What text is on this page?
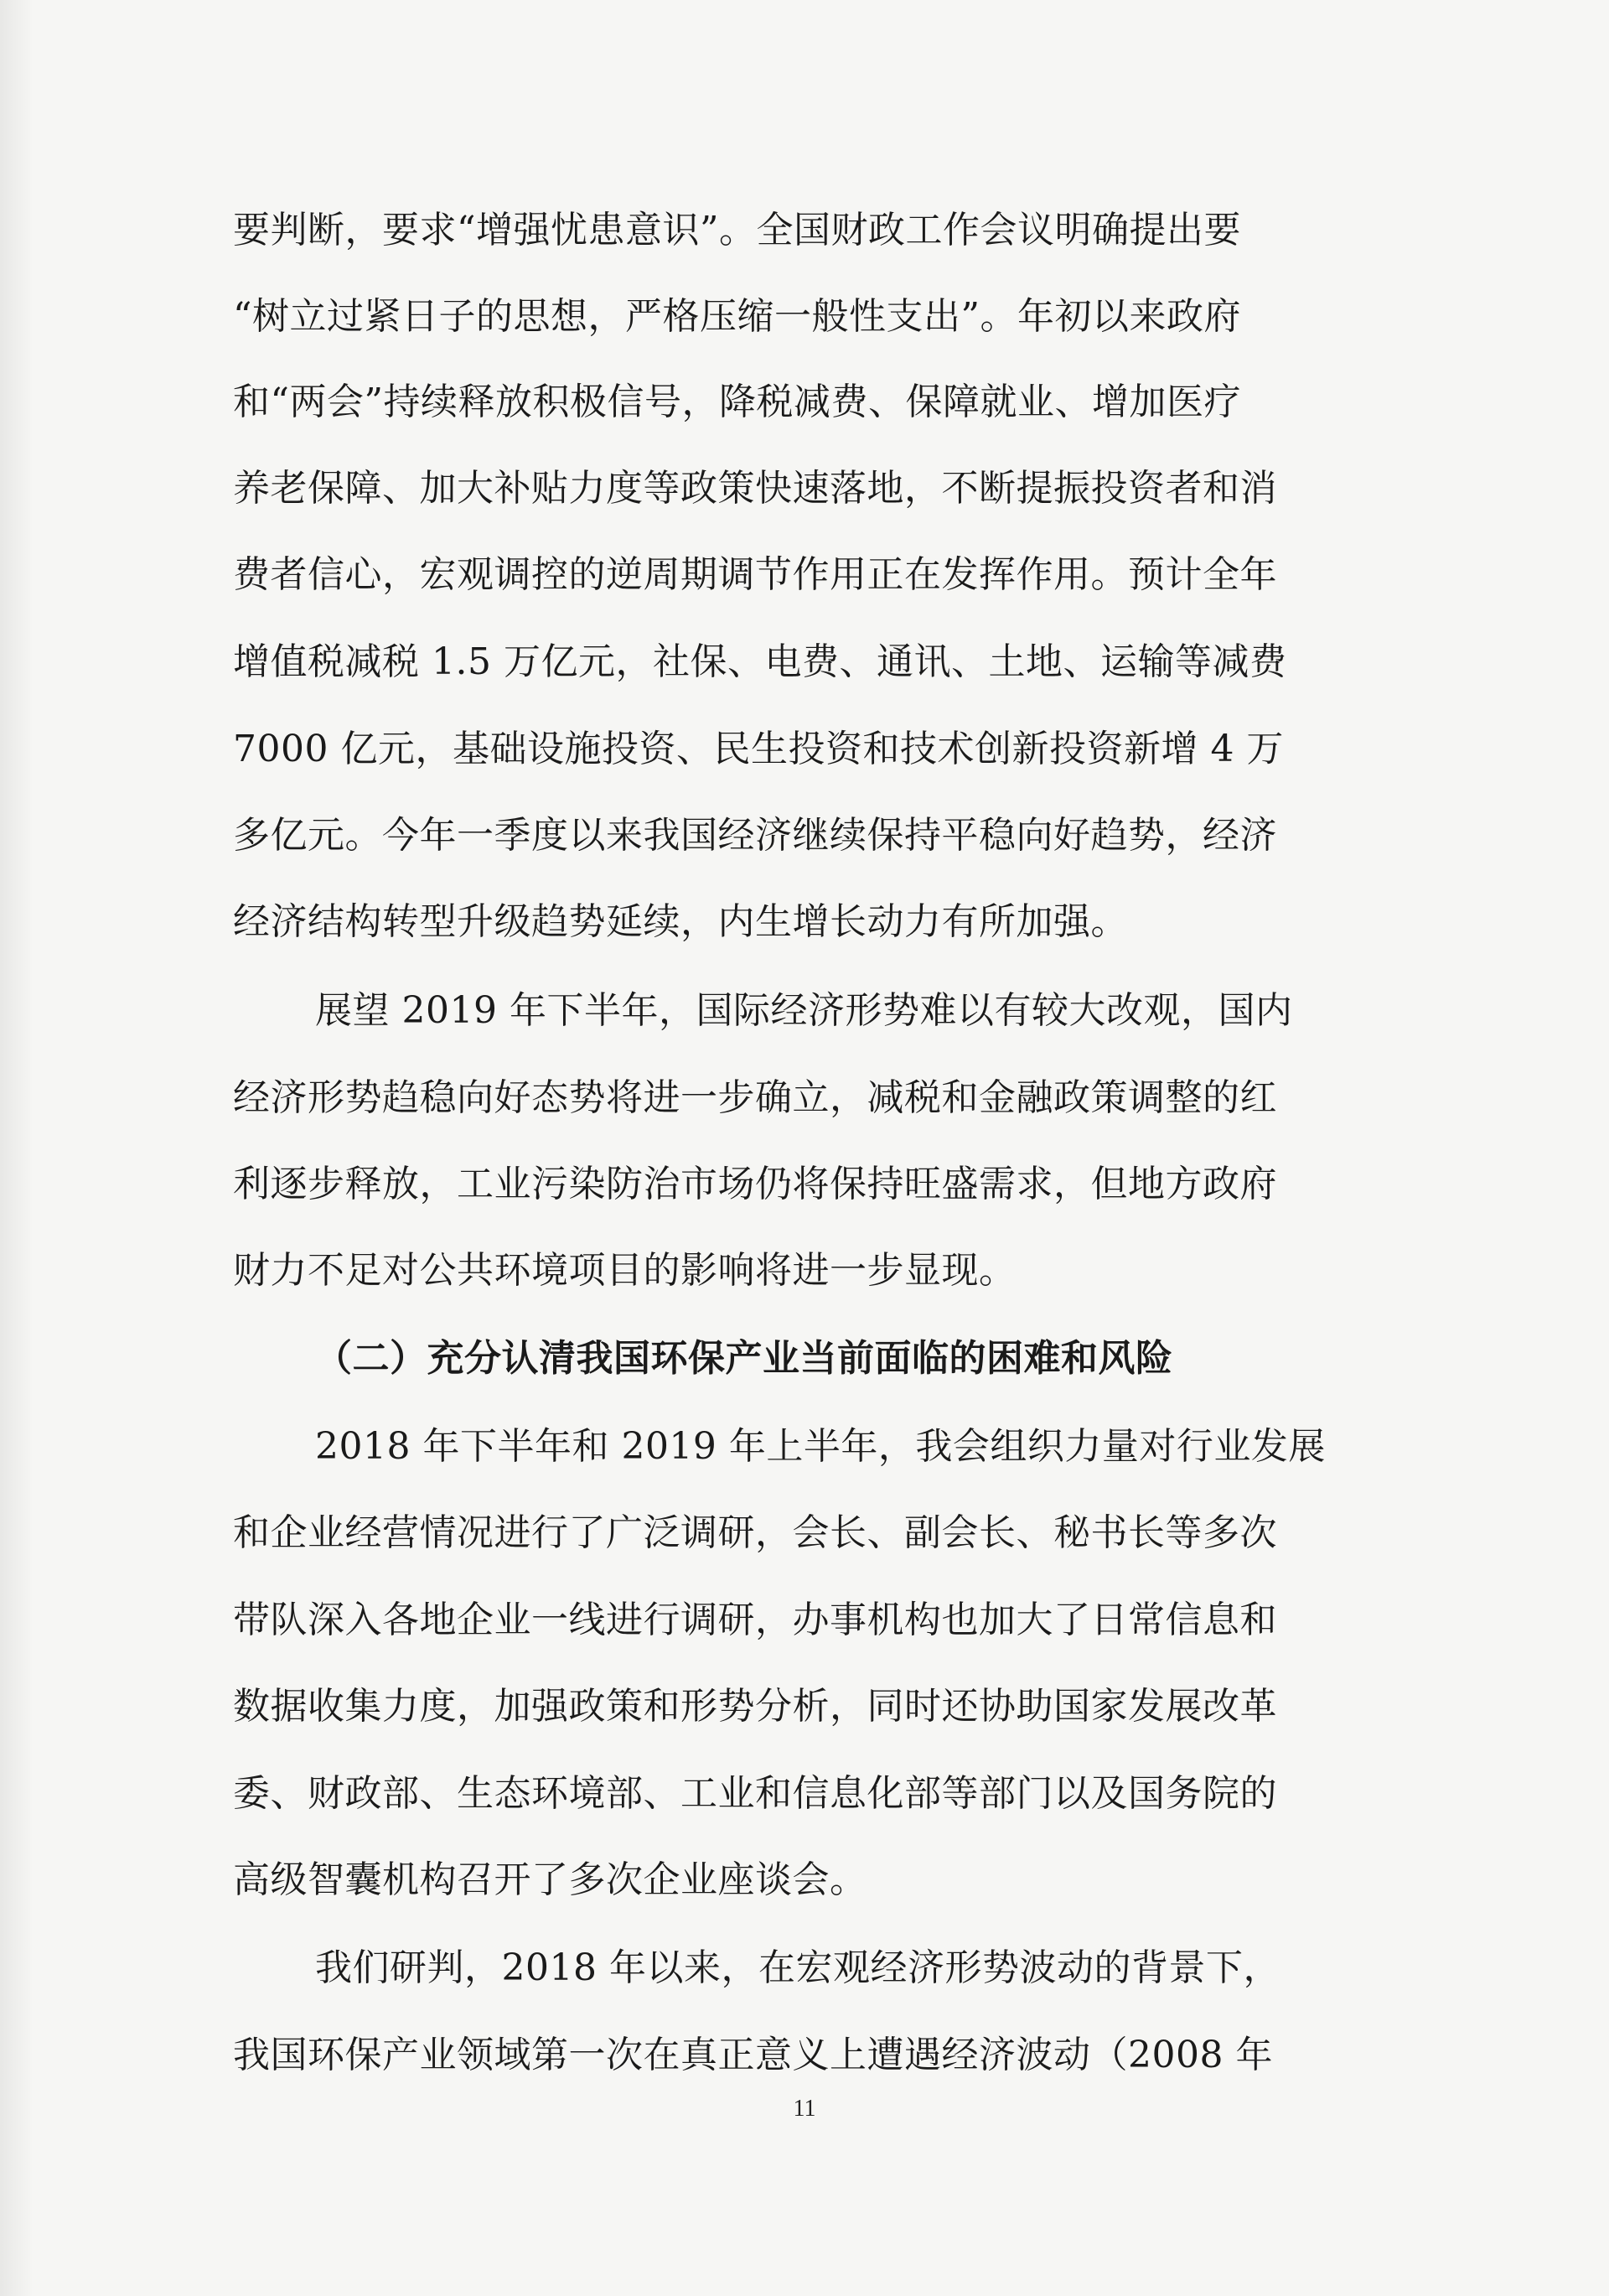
要判断，要求“增强忧患意识”。全国财政工作会议明确提出要
“树立过紧日子的思想，严格压缩一般性支出”。年初以来政府
和“两会”持续释放积极信号，降税减费、保障就业、增加医疗
养老保障、加大补贴力度等政策快速落地，不断提振投资者和消
费者信心，宏观调控的逆周期调节作用正在发挥作用。预计全年
增值税减税 1.5 万亿元，社保、电费、通讯、土地、运输等减费
7000 亿元，基础设施投资、民生投资和技术创新投资新增 4 万
多亿元。今年一季度以来我国经济继续保持平稳向好趋势，经济
经济结构转型升级趋势延续，内生增长动力有所加强。
展望 2019 年下半年，国际经济形势难以有较大改观，国内
经济形势趋稳向好态势将进一步确立，减税和金融政策调整的红
利逐步释放，工业污染防治市场仍将保持旺盛需求，但地方政府
财力不足对公共环境项目的影响将进一步显现。
（二）充分认清我国环保产业当前面临的困难和风险
2018 年下半年和 2019 年上半年，我会组织力量对行业发展
和企业经营情况进行了广泛调研，会长、副会长、秘书长等多次
带队深入各地企业一线进行调研，办事机构也加大了日常信息和
数据收集力度，加强政策和形势分析，同时还协助国家发展改革
委、财政部、生态环境部、工业和信息化部等部门以及国务院的
高级智囊机构召开了多次企业座谈会。
我们研判，2018 年以来，在宏观经济形势波动的背景下，
我国环保产业领域第一次在真正意义上遭遇经济波动（2008 年
11
